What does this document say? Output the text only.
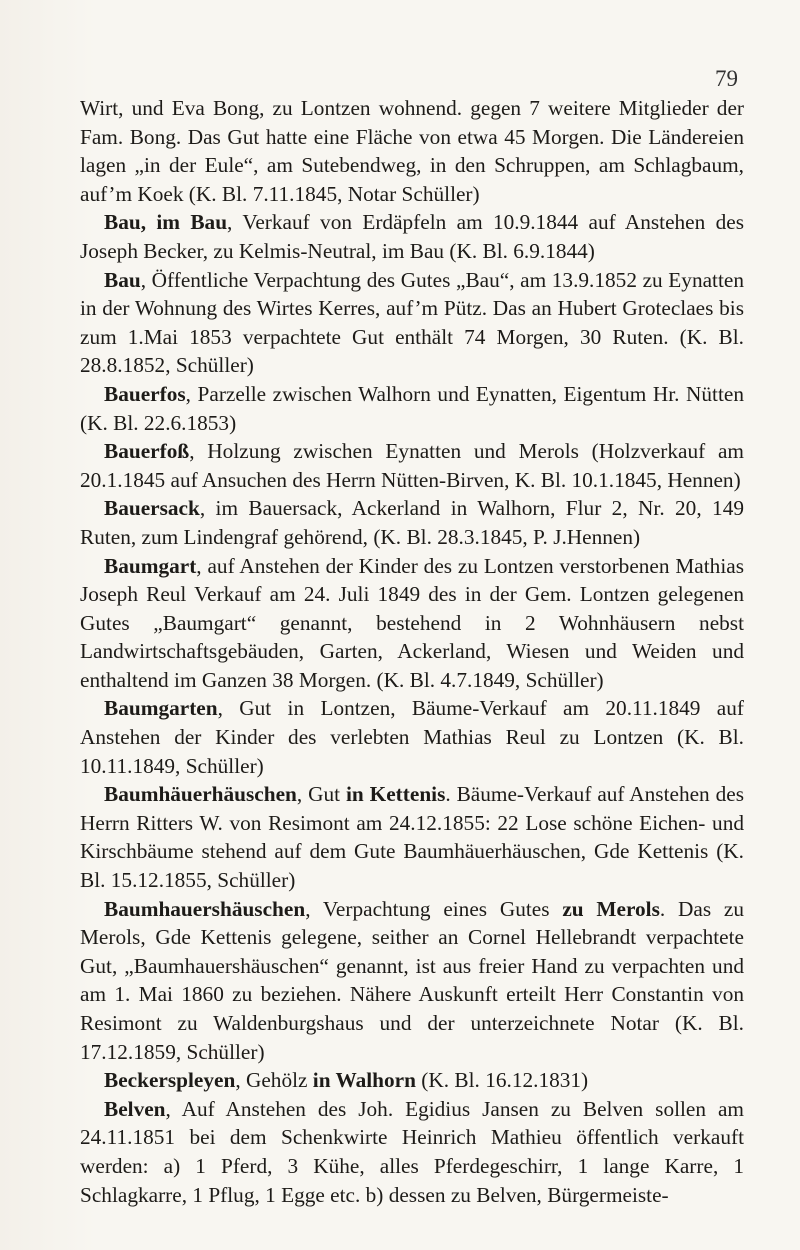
79

Wirt, und Eva Bong, zu Lontzen wohnend. gegen 7 weitere Mitglieder der Fam. Bong. Das Gut hatte eine Fläche von etwa 45 Morgen. Die Ländereien lagen „in der Eule“, am Sutebendweg, in den Schruppen, am Schlagbaum, auf’m Koek (K. Bl. 7.11.1845, Notar Schüller)

Bau, im Bau, Verkauf von Erdäpfeln am 10.9.1844 auf Anstehen des Joseph Becker, zu Kelmis-Neutral, im Bau (K. Bl. 6.9.1844)

Bau, Öffentliche Verpachtung des Gutes „Bau“, am 13.9.1852 zu Eynatten in der Wohnung des Wirtes Kerres, auf’m Pütz. Das an Hubert Groteclaes bis zum 1.Mai 1853 verpachtete Gut enthält 74 Morgen, 30 Ruten. (K. Bl. 28.8.1852, Schüller)

Bauerfos, Parzelle zwischen Walhorn und Eynatten, Eigentum Hr. Nütten (K. Bl. 22.6.1853)

Bauerfoß, Holzung zwischen Eynatten und Merols (Holzverkauf am 20.1.1845 auf Ansuchen des Herrn Nütten-Birven, K. Bl. 10.1.1845, Hennen)

Bauersack, im Bauersack, Ackerland in Walhorn, Flur 2, Nr. 20, 149 Ruten, zum Lindengraf gehörend, (K. Bl. 28.3.1845, P. J.Hennen)

Baumgart, auf Anstehen der Kinder des zu Lontzen verstorbenen Mathias Joseph Reul Verkauf am 24. Juli 1849 des in der Gem. Lontzen gelegenen Gutes „Baumgart“ genannt, bestehend in 2 Wohnhäusern nebst Landwirtschaftsgebäuden, Garten, Ackerland, Wiesen und Weiden und enthaltend im Ganzen 38 Morgen. (K. Bl. 4.7.1849, Schüller)

Baumgarten, Gut in Lontzen, Bäume-Verkauf am 20.11.1849 auf Anstehen der Kinder des verlebten Mathias Reul zu Lontzen (K. Bl. 10.11.1849, Schüller)

Baumhäuerhäuschen, Gut in Kettenis. Bäume-Verkauf auf Anstehen des Herrn Ritters W. von Resimont am 24.12.1855: 22 Lose schöne Eichen- und Kirschbäume stehend auf dem Gute Baumhäuerhäuschen, Gde Kettenis (K. Bl. 15.12.1855, Schüller)

Baumhauershäuschen, Verpachtung eines Gutes zu Merols. Das zu Merols, Gde Kettenis gelegene, seither an Cornel Hellebrandt verpachtete Gut, „Baumhauershäuschen“ genannt, ist aus freier Hand zu verpachten und am 1. Mai 1860 zu beziehen. Nähere Auskunft erteilt Herr Constantin von Resimont zu Waldenburgshaus und der unterzeichnete Notar (K. Bl. 17.12.1859, Schüller)

Beckerspleyen, Gehölz in Walhorn (K. Bl. 16.12.1831)

Belven, Auf Anstehen des Joh. Egidius Jansen zu Belven sollen am 24.11.1851 bei dem Schenkwirte Heinrich Mathieu öffentlich verkauft werden: a) 1 Pferd, 3 Kühe, alles Pferdegeschirr, 1 lange Karre, 1 Schlagkarre, 1 Pflug, 1 Egge etc. b) dessen zu Belven, Bürgermeiste-
